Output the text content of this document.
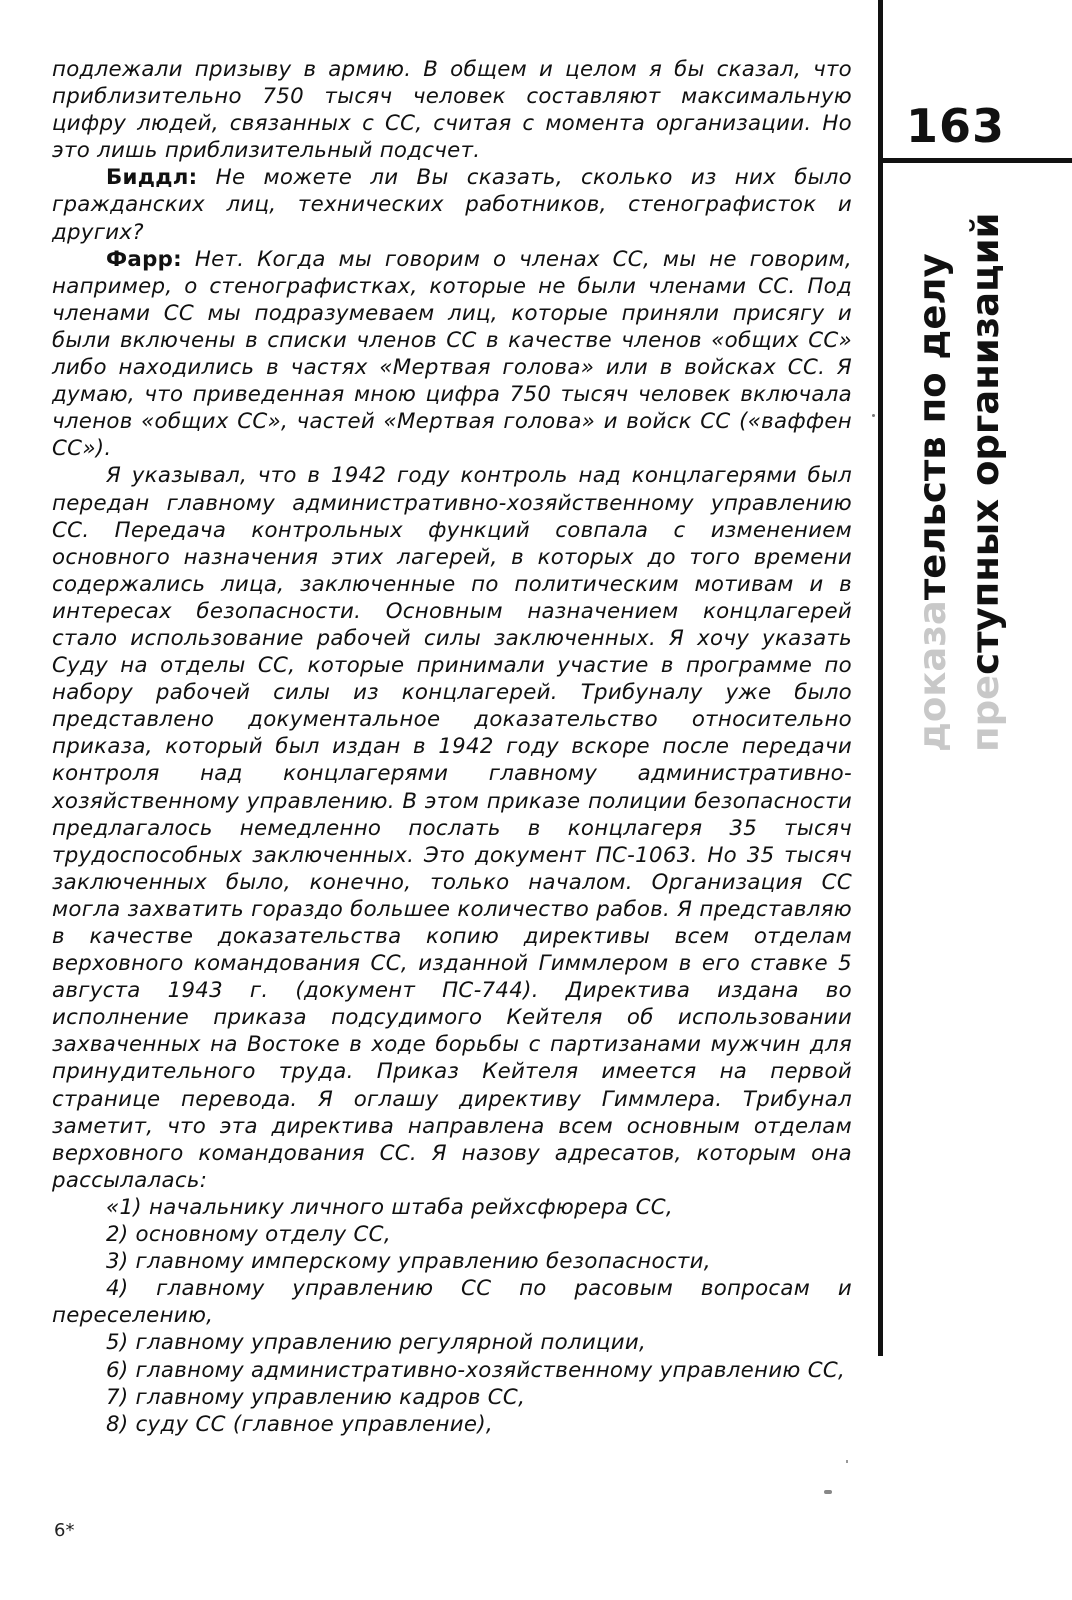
подлежали призыву в армию. В общем и целом я бы сказал, что приблизительно 750 тысяч человек составляют максимальную цифру людей, связанных с СС, считая с момента организации. Но это лишь приблизительный подсчет.

Биддл: Не можете ли Вы сказать, сколько из них было гражданских лиц, технических работников, стенографисток и других?

Фарр: Нет. Когда мы говорим о членах СС, мы не говорим, например, о стенографистках, которые не были членами СС. Под членами СС мы подразумеваем лиц, которые приняли присягу и были включены в списки членов СС в качестве членов «общих СС» либо находились в частях «Мертвая голова» или в войсках СС. Я думаю, что приведенная мною цифра 750 тысяч человек включала членов «общих СС», частей «Мертвая голова» и войск СС («ваффен СС»).

Я указывал, что в 1942 году контроль над концлагерями был передан главному административно-хозяйственному управлению СС. Передача контрольных функций совпала с изменением основного назначения этих лагерей, в которых до того времени содержались лица, заключенные по политическим мотивам и в интересах безопасности. Основным назначением концлагерей стало использование рабочей силы заключенных. Я хочу указать Суду на отделы СС, которые принимали участие в программе по набору рабочей силы из концлагерей. Трибуналу уже было представлено документальное доказательство относительно приказа, который был издан в 1942 году вскоре после передачи контроля над концлагерями главному административно-хозяйственному управлению. В этом приказе полиции безопасности предлагалось немедленно послать в концлагеря 35 тысяч трудоспособных заключенных. Это документ ПС-1063. Но 35 тысяч заключенных было, конечно, только началом. Организация СС могла захватить гораздо большее количество рабов. Я представляю в качестве доказательства копию директивы всем отделам верховного командования СС, изданной Гиммлером в его ставке 5 августа 1943 г. (документ ПС-744). Директива издана во исполнение приказа подсудимого Кейтеля об использовании захваченных на Востоке в ходе борьбы с партизанами мужчин для принудительного труда. Приказ Кейтеля имеется на первой странице перевода. Я оглашу директиву Гиммлера. Трибунал заметит, что эта директива направлена всем основным отделам верховного командования СС. Я назову адресатов, которым она рассылалась:

«1) начальнику личного штаба рейхсфюрера СС,

2) основному отделу СС,

3) главному имперскому управлению безопасности,

4) главному управлению СС по расовым вопросам и переселению,

5) главному управлению регулярной полиции,

6) главному административно-хозяйственному управлению СС,

7) главному управлению кадров СС,

8) суду СС (главное управление),

163
доказательств по делу
преступных организаций
6*
